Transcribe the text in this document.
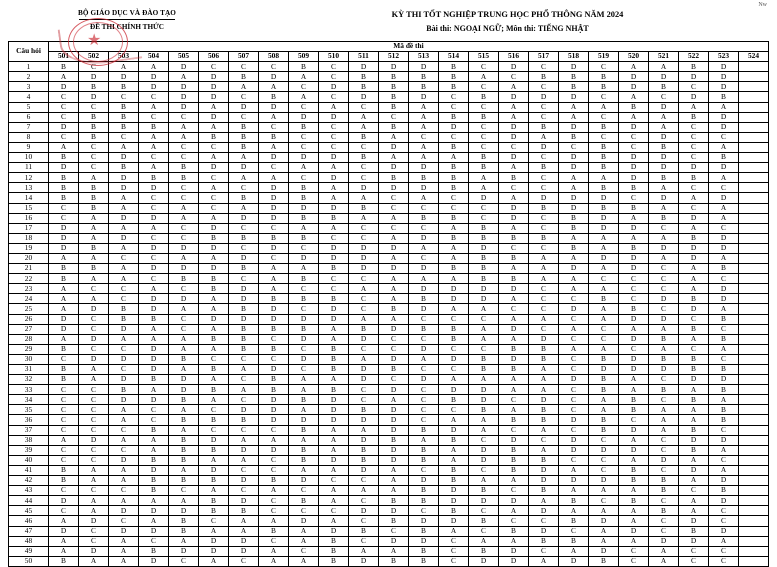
Nw
BỘ GIÁO DỤC VÀ ĐÀO TẠO
ĐỀ THI CHÍNH THỨC
★
KỲ THI TỐT NGHIỆP TRUNG HỌC PHỔ THÔNG NĂM 2024
Bài thi: NGOẠI NGỮ; Môn thi: TIẾNG NHẬT
Câu hỏi	Mã đề thi																							
	501	502	503	504	505	506	507	508	509	510	511	512	513	514	515	516	517	518	519	520	521	522	523	524
1	B	C	A	A	D	C	C	C	B	C	D	D	D	B	C	D	C	D	C	A	A	B	D	
2	A	D	D	D	A	D	B	D	A	C	B	B	B	B	A	C	B	B	B	D	D	D	D	
3	D	B	B	D	D	D	A	A	C	D	B	B	B	B	C	A	C	B	B	D	B	C	D	
4	C	D	C	C	D	D	C	B	A	C	D	B	D	C	B	D	D	D	C	A	C	D	B	
5	C	C	B	A	D	A	D	D	C	A	C	B	A	C	C	A	C	A	A	B	D	A	A	
6	C	B	B	C	C	D	C	A	D	D	A	C	A	B	B	A	C	A	C	A	A	B	D	
7	D	B	B	B	A	A	B	C	B	C	A	B	A	D	C	D	B	D	B	D	A	C	D	
8	C	B	C	A	A	B	B	B	C	C	B	A	C	C	C	D	A	B	C	C	D	C	C	
9	A	C	A	A	C	C	B	A	C	C	C	D	A	B	C	C	D	C	B	C	B	C	A	
10	B	C	D	C	C	A	A	D	D	D	B	A	A	A	B	D	C	D	B	D	D	C	B	
11	D	C	B	A	B	D	D	C	A	A	C	D	D	B	B	A	B	D	B	D	D	D	D	
12	B	A	D	B	B	C	A	A	C	D	C	B	B	B	A	B	C	A	A	D	B	B	A	
13	B	B	D	D	C	A	C	D	B	A	D	D	D	B	A	C	C	A	B	B	A	C	C	
14	B	B	A	C	C	C	B	D	B	A	A	C	A	C	D	A	D	D	D	C	D	A	D	
15	C	B	A	C	A	C	A	D	D	D	B	C	C	C	C	D	B	D	B	B	A	C	A	
16	C	A	D	D	A	A	D	D	B	B	A	A	B	B	C	D	C	B	D	A	B	D	A	
17	D	A	A	A	C	D	C	C	A	A	C	C	C	A	B	A	C	B	D	D	C	A	C	
18	D	A	D	C	C	B	B	B	B	C	C	A	D	B	B	B	B	A	A	A	A	B	D	
19	D	B	A	D	D	D	C	D	C	D	D	D	A	A	D	C	C	B	A	B	D	D	D	
20	A	A	C	C	A	A	D	C	D	D	D	A	C	A	B	B	A	A	D	D	A	D	A	
21	B	B	A	D	D	D	B	A	A	B	D	D	D	B	B	A	A	D	A	D	C	A	B	
22	B	A	A	C	B	B	C	A	B	C	C	A	A	A	B	B	A	A	C	C	C	A	C	
23	A	C	C	A	C	B	D	A	C	C	A	A	D	D	D	D	C	A	A	C	C	A	D	
24	A	A	C	D	D	A	D	B	B	B	C	A	B	D	D	A	C	C	B	C	D	B	D	
25	A	D	B	D	A	A	B	D	C	D	C	B	D	A	A	C	C	D	A	B	C	D	A	
26	D	C	B	B	C	D	D	D	D	D	A	A	C	C	C	A	A	C	A	D	D	C	B	
27	D	C	D	A	C	A	B	B	B	A	B	D	B	B	A	D	C	A	C	A	A	B	C	
28	A	D	A	A	A	B	B	C	D	A	D	C	C	B	A	A	D	C	C	D	B	A	B	
29	B	C	C	D	A	A	B	B	C	B	C	C	D	C	C	B	B	A	A	C	A	C	A	
30	C	D	D	D	B	C	C	C	D	B	A	D	A	D	B	D	B	C	B	D	B	B	C	
31	B	A	C	D	A	B	A	D	C	B	D	B	C	C	B	B	A	C	D	D	D	B	B	
32	B	A	D	B	D	A	C	B	A	A	D	C	D	A	A	A	A	D	B	A	C	D	D	
33	C	C	B	A	D	B	A	B	A	B	C	D	C	D	D	A	A	C	B	A	B	A	B	
34	C	C	D	D	B	A	C	D	B	D	C	A	C	B	D	C	D	C	A	B	C	B	A	
35	C	C	A	C	A	C	D	D	A	D	B	D	C	C	B	A	B	C	A	B	A	A	B	
36	C	C	A	C	B	B	B	D	D	D	D	D	C	A	A	B	B	D	B	C	A	A	B	
37	C	C	C	B	A	C	C	C	B	A	A	D	B	D	A	C	A	C	B	D	A	B	C	
38	A	D	A	A	B	D	A	A	A	A	D	B	A	B	C	D	C	D	C	A	C	D	D	
39	C	C	C	A	B	B	D	D	B	A	B	D	B	A	D	B	A	D	D	D	C	B	A	
40	C	C	D	B	B	A	A	C	B	D	B	D	B	A	D	B	B	C	C	A	D	A	C	
41	B	A	A	D	A	D	C	C	A	A	D	A	C	B	C	B	D	A	C	B	C	D	A	
42	B	A	A	B	B	B	D	B	D	C	C	A	D	B	A	A	D	D	D	B	B	A	D	
43	C	C	C	B	C	A	C	A	C	A	A	A	B	D	B	C	B	A	A	A	B	C	B	
44	D	A	A	A	A	B	D	C	B	A	C	B	B	D	D	D	A	B	C	B	C	A	D	
45	C	A	D	D	D	B	B	C	C	C	D	D	C	B	C	A	D	A	A	A	B	A	C	
46	A	D	C	A	B	C	A	A	D	A	C	B	D	D	B	C	C	B	D	A	C	D	C	
47	D	C	D	D	B	A	A	B	A	D	B	C	B	A	C	B	D	C	A	D	C	B	D	
48	A	C	A	C	A	D	D	C	A	B	C	D	D	C	A	A	B	B	A	A	D	D	A	
49	A	D	A	B	D	D	D	A	C	B	A	A	B	C	B	D	C	A	D	C	A	C	C	
50	B	A	A	D	C	A	C	A	A	B	D	B	B	C	D	D	A	D	B	C	A	C	C	
